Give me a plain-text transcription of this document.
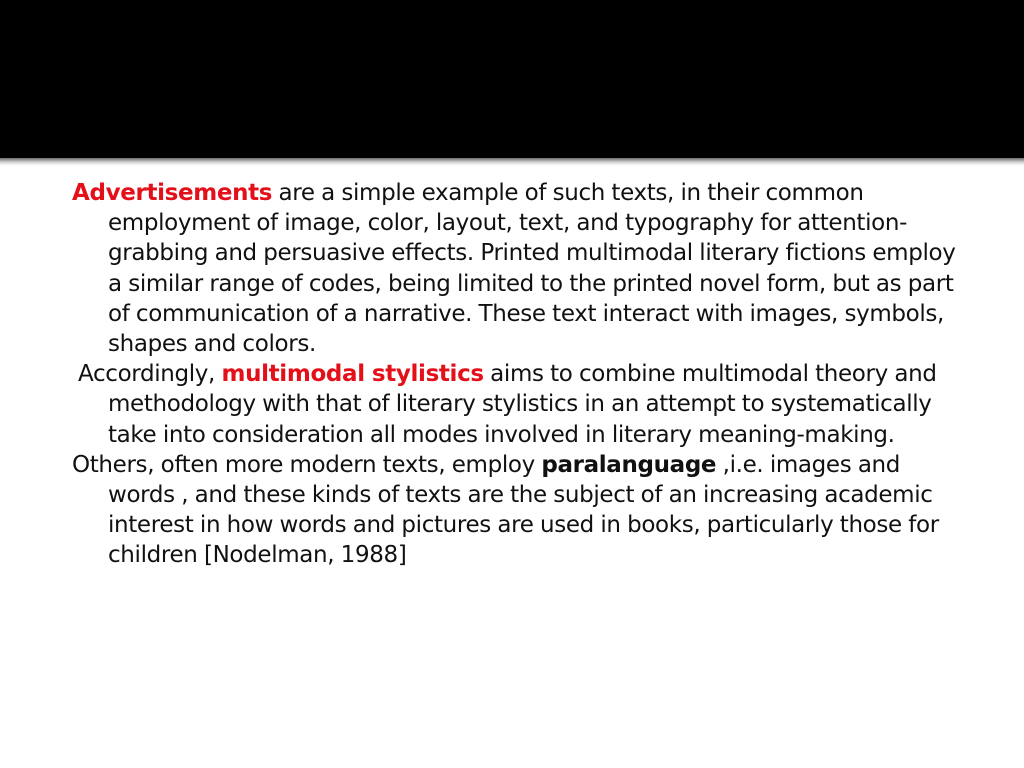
Advertisements are a simple example of such texts, in their common employment of image, color, layout, text, and typography for attention-grabbing and persuasive effects. Printed multimodal literary fictions employ a similar range of codes, being limited to the printed novel form, but as part of communication of a narrative. These text interact with images, symbols, shapes and colors.

Accordingly, multimodal stylistics aims to combine multimodal theory and methodology with that of literary stylistics in an attempt to systematically take into consideration all modes involved in literary meaning-making.

Others, often more modern texts, employ paralanguage ,i.e. images and words , and these kinds of texts are the subject of an increasing academic interest in how words and pictures are used in books, particularly those for children [Nodelman, 1988]
